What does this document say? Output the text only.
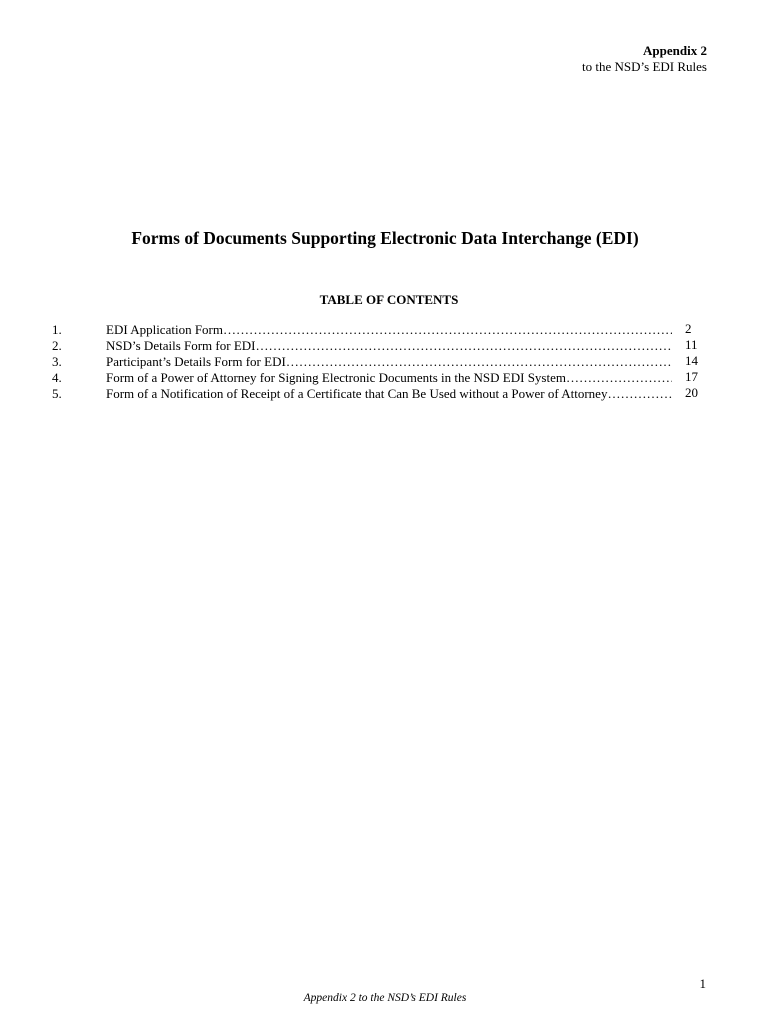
Appendix 2
to the NSD’s EDI Rules
Forms of Documents Supporting Electronic Data Interchange (EDI)
TABLE OF CONTENTS
1.	EDI Application Form ……………………………………………………………………………………………………………………………………………………	2
2.	NSD’s Details Form for EDI ……………………………………………………………………………………………………………………………………………………	11
3.	Participant’s Details Form for EDI ……………………………………………………………………………………………………………………………………………………	14
4.	Form of a Power of Attorney for Signing Electronic Documents in the NSD EDI System ……………………………………………………………………………………………………………………………………………………	17
5.	Form of a Notification of Receipt of a Certificate that Can Be Used without a Power of Attorney ……………………………………………………………………………………………………………………………………………………	20
1
Appendix 2 to the NSD’s EDI Rules
